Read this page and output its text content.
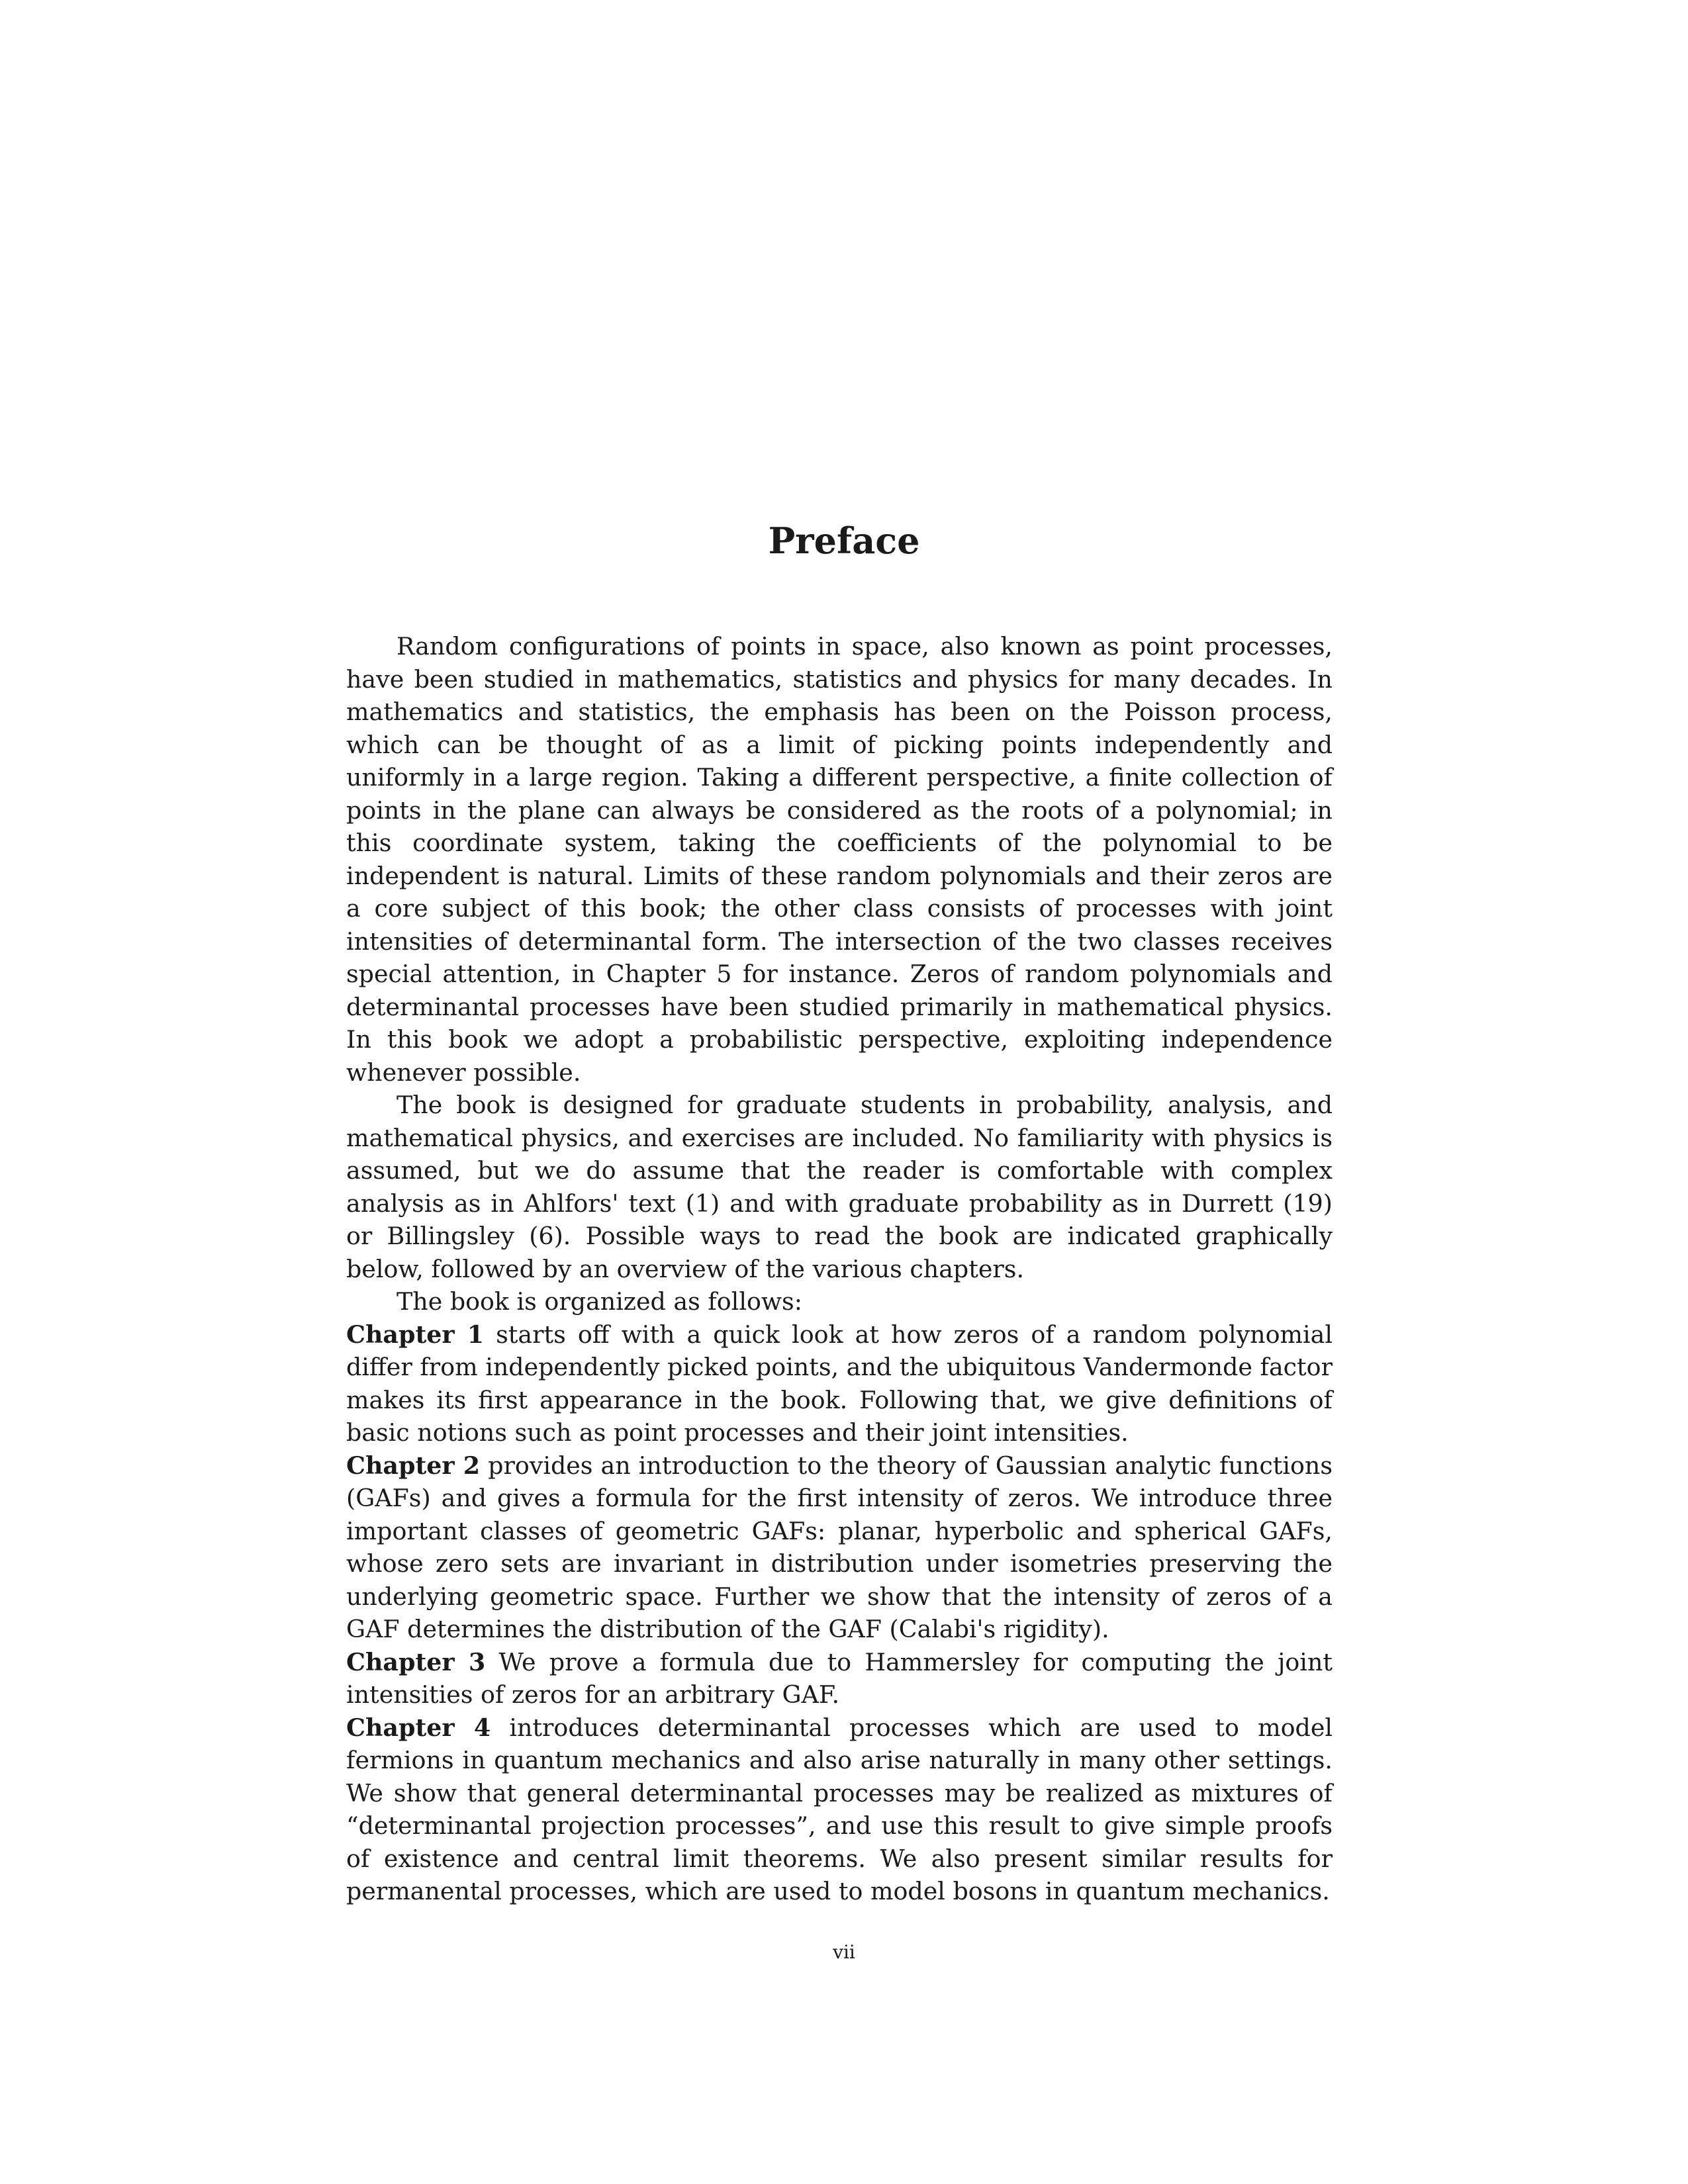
Preface

Random configurations of points in space, also known as point processes, have been studied in mathematics, statistics and physics for many decades. In mathematics and statistics, the emphasis has been on the Poisson process, which can be thought of as a limit of picking points independently and uniformly in a large region. Taking a different perspective, a finite collection of points in the plane can always be considered as the roots of a polynomial; in this coordinate system, taking the coefficients of the polynomial to be independent is natural. Limits of these random polynomials and their zeros are a core subject of this book; the other class consists of processes with joint intensities of determinantal form. The intersection of the two classes receives special attention, in Chapter 5 for instance. Zeros of random polynomials and determinantal processes have been studied primarily in mathematical physics. In this book we adopt a probabilistic perspective, exploiting independence whenever possible.

The book is designed for graduate students in probability, analysis, and mathematical physics, and exercises are included. No familiarity with physics is assumed, but we do assume that the reader is comfortable with complex analysis as in Ahlfors' text (1) and with graduate probability as in Durrett (19) or Billingsley (6). Possible ways to read the book are indicated graphically below, followed by an overview of the various chapters.

The book is organized as follows:

Chapter 1 starts off with a quick look at how zeros of a random polynomial differ from independently picked points, and the ubiquitous Vandermonde factor makes its first appearance in the book. Following that, we give definitions of basic notions such as point processes and their joint intensities.

Chapter 2 provides an introduction to the theory of Gaussian analytic functions (GAFs) and gives a formula for the first intensity of zeros. We introduce three important classes of geometric GAFs: planar, hyperbolic and spherical GAFs, whose zero sets are invariant in distribution under isometries preserving the underlying geometric space. Further we show that the intensity of zeros of a GAF determines the distribution of the GAF (Calabi's rigidity).

Chapter 3 We prove a formula due to Hammersley for computing the joint intensities of zeros for an arbitrary GAF.

Chapter 4 introduces determinantal processes which are used to model fermions in quantum mechanics and also arise naturally in many other settings. We show that general determinantal processes may be realized as mixtures of “determinantal projection processes”, and use this result to give simple proofs of existence and central limit theorems. We also present similar results for permanental processes, which are used to model bosons in quantum mechanics.

vii
